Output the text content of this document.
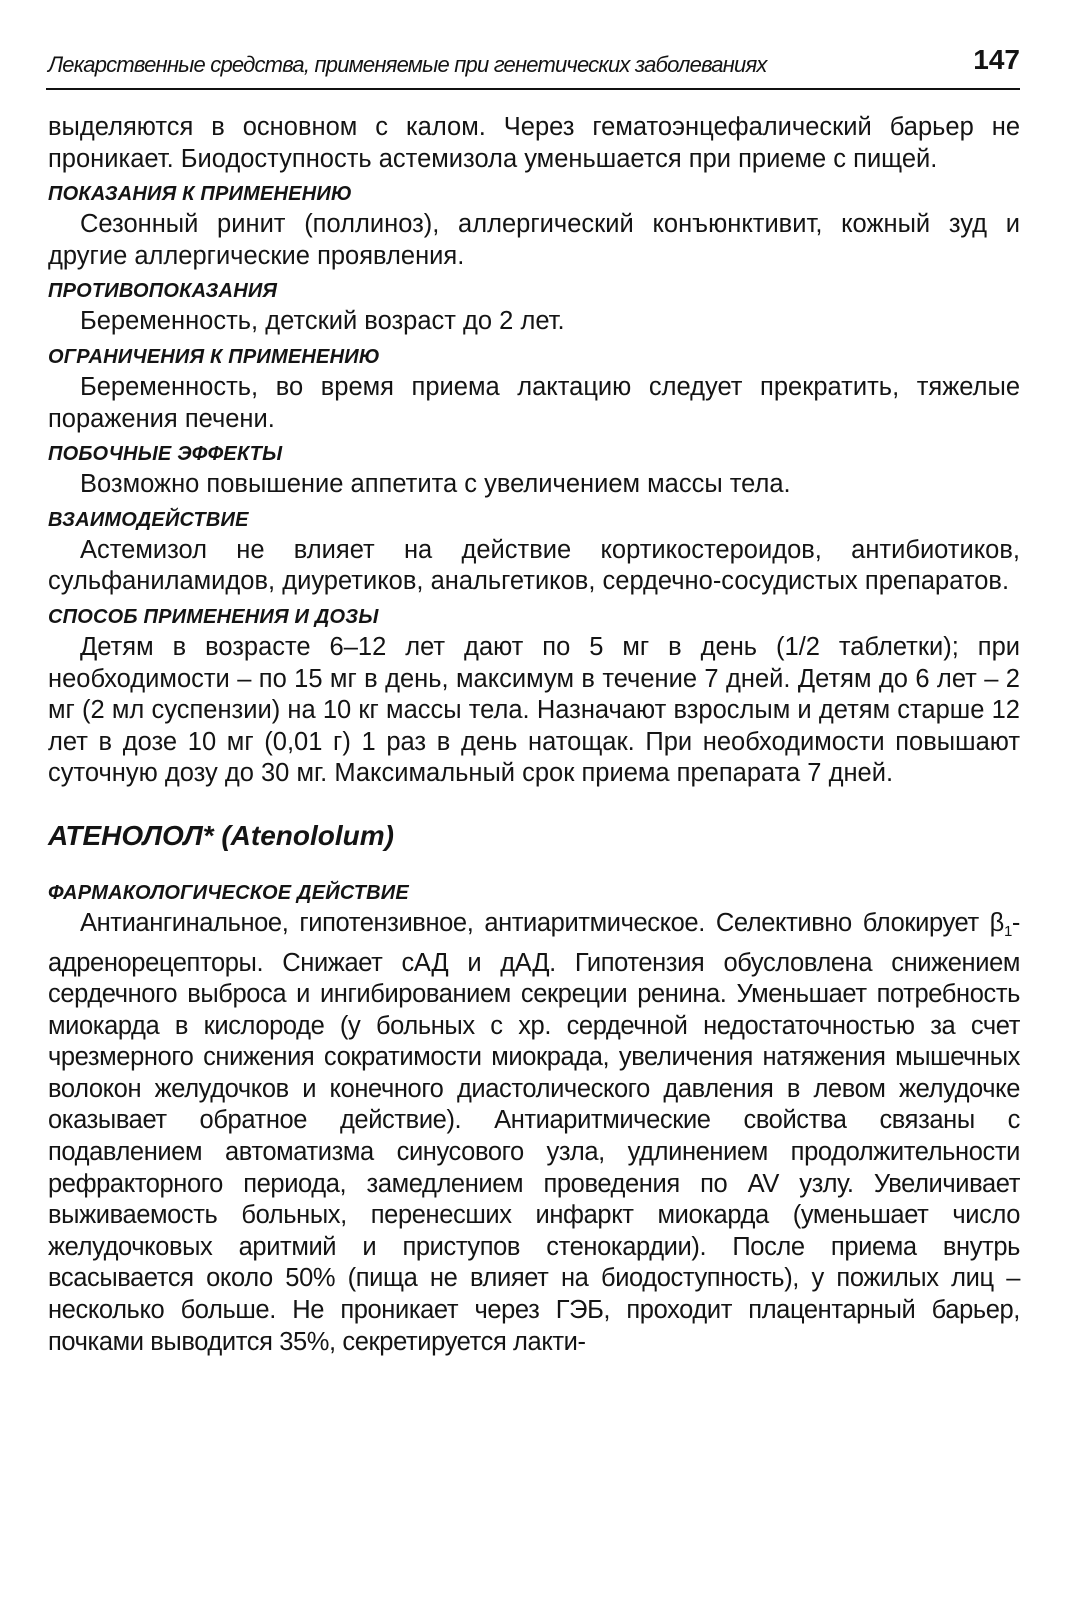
Лекарственные средства, применяемые при генетических заболеваниях	147

выделяются в основном с калом. Через гематоэнцефалический барьер не проникает. Биодоступность астемизола уменьшается при приеме с пищей.

ПОКАЗАНИЯ К ПРИМЕНЕНИЮ

Сезонный ринит (поллиноз), аллергический конъюнктивит, кожный зуд и другие аллергические проявления.

ПРОТИВОПОКАЗАНИЯ

Беременность, детский возраст до 2 лет.

ОГРАНИЧЕНИЯ К ПРИМЕНЕНИЮ

Беременность, во время приема лактацию следует прекратить, тяжелые поражения печени.

ПОБОЧНЫЕ ЭФФЕКТЫ

Возможно повышение аппетита с увеличением массы тела.

ВЗАИМОДЕЙСТВИЕ

Астемизол не влияет на действие кортикостероидов, антибиотиков, сульфаниламидов, диуретиков, анальгетиков, сердечно-сосудистых препаратов.

СПОСОБ ПРИМЕНЕНИЯ И ДОЗЫ

Детям в возрасте 6–12 лет дают по 5 мг в день (1/2 таблетки); при необходимости – по 15 мг в день, максимум в течение 7 дней. Детям до 6 лет – 2 мг (2 мл суспензии) на 10 кг массы тела. Назначают взрослым и детям старше 12 лет в дозе 10 мг (0,01 г) 1 раз в день натощак. При необходимости повышают суточную дозу до 30 мг. Максимальный срок приема препарата 7 дней.

АТЕНОЛОЛ* (Atenololum)
ФАРМАКОЛОГИЧЕСКОЕ ДЕЙСТВИЕ

Антиангинальное, гипотензивное, антиаритмическое. Селективно блокирует $\beta_1$-адренорецепторы. Снижает сАД и дАД. Гипотензия обусловлена снижением сердечного выброса и ингибированием секреции ренина. Уменьшает потребность миокарда в кислороде (у больных с хр. сердечной недостаточностью за счет чрезмерного снижения сократимости миокрада, увеличения натяжения мышечных волокон желудочков и конечного диастолического давления в левом желудочке оказывает обратное действие). Антиаритмические свойства связаны с подавлением автоматизма синусового узла, удлинением продолжительности рефракторного периода, замедлением проведения по AV узлу. Увеличивает выживаемость больных, перенесших инфаркт миокарда (уменьшает число желудочковых аритмий и приступов стенокардии). После приема внутрь всасывается около 50% (пища не влияет на биодоступность), у пожилых лиц – несколько больше. Не проникает через ГЭБ, проходит плацентарный барьер, почками выводится 35%, секретируется лакти-
